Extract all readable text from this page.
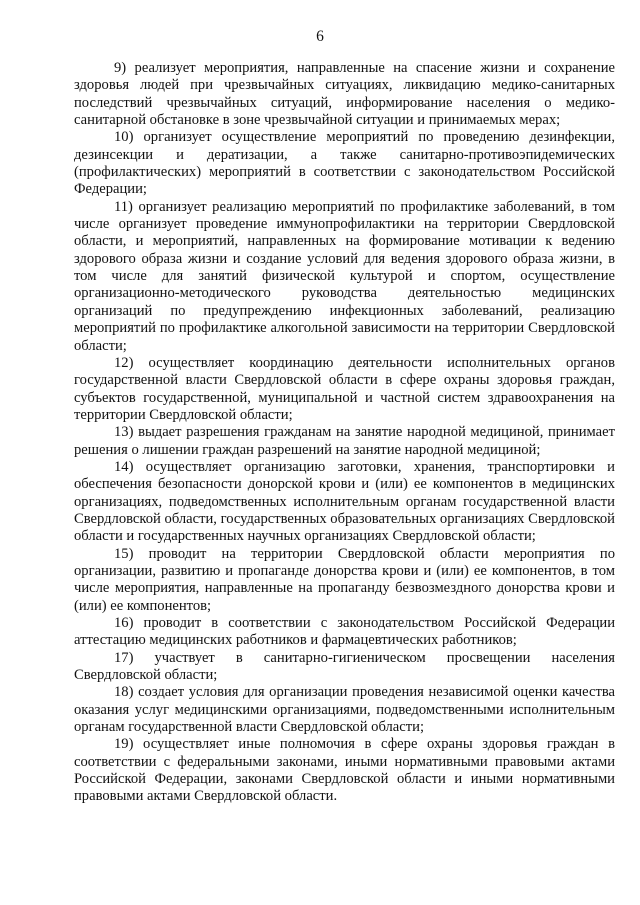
6

9) реализует мероприятия, направленные на спасение жизни и сохранение здоровья людей при чрезвычайных ситуациях, ликвидацию медико-санитарных последствий чрезвычайных ситуаций, информирование населения о медико-санитарной обстановке в зоне чрезвычайной ситуации и принимаемых мерах;

10) организует осуществление мероприятий по проведению дезинфекции, дезинсекции и дератизации, а также санитарно-противоэпидемических (профилактических) мероприятий в соответствии с законодательством Российской Федерации;

11) организует реализацию мероприятий по профилактике заболеваний, в том числе организует проведение иммунопрофилактики на территории Свердловской области, и мероприятий, направленных на формирование мотивации к ведению здорового образа жизни и создание условий для ведения здорового образа жизни, в том числе для занятий физической культурой и спортом, осуществление организационно-методического руководства деятельностью медицинских организаций по предупреждению инфекционных заболеваний, реализацию мероприятий по профилактике алкогольной зависимости на территории Свердловской области;

12) осуществляет координацию деятельности исполнительных органов государственной власти Свердловской области в сфере охраны здоровья граждан, субъектов государственной, муниципальной и частной систем здравоохранения на территории Свердловской области;

13) выдает разрешения гражданам на занятие народной медициной, принимает решения о лишении граждан разрешений на занятие народной медициной;

14) осуществляет организацию заготовки, хранения, транспортировки и обеспечения безопасности донорской крови и (или) ее компонентов в медицинских организациях, подведомственных исполнительным органам государственной власти Свердловской области, государственных образовательных организациях Свердловской области и государственных научных организациях Свердловской области;

15) проводит на территории Свердловской области мероприятия по организации, развитию и пропаганде донорства крови и (или) ее компонентов, в том числе мероприятия, направленные на пропаганду безвозмездного донорства крови и (или) ее компонентов;

16) проводит в соответствии с законодательством Российской Федерации аттестацию медицинских работников и фармацевтических работников;

17) участвует в санитарно-гигиеническом просвещении населения Свердловской области;

18) создает условия для организации проведения независимой оценки качества оказания услуг медицинскими организациями, подведомственными исполнительным органам государственной власти Свердловской области;

19) осуществляет иные полномочия в сфере охраны здоровья граждан в соответствии с федеральными законами, иными нормативными правовыми актами Российской Федерации, законами Свердловской области и иными нормативными правовыми актами Свердловской области.
